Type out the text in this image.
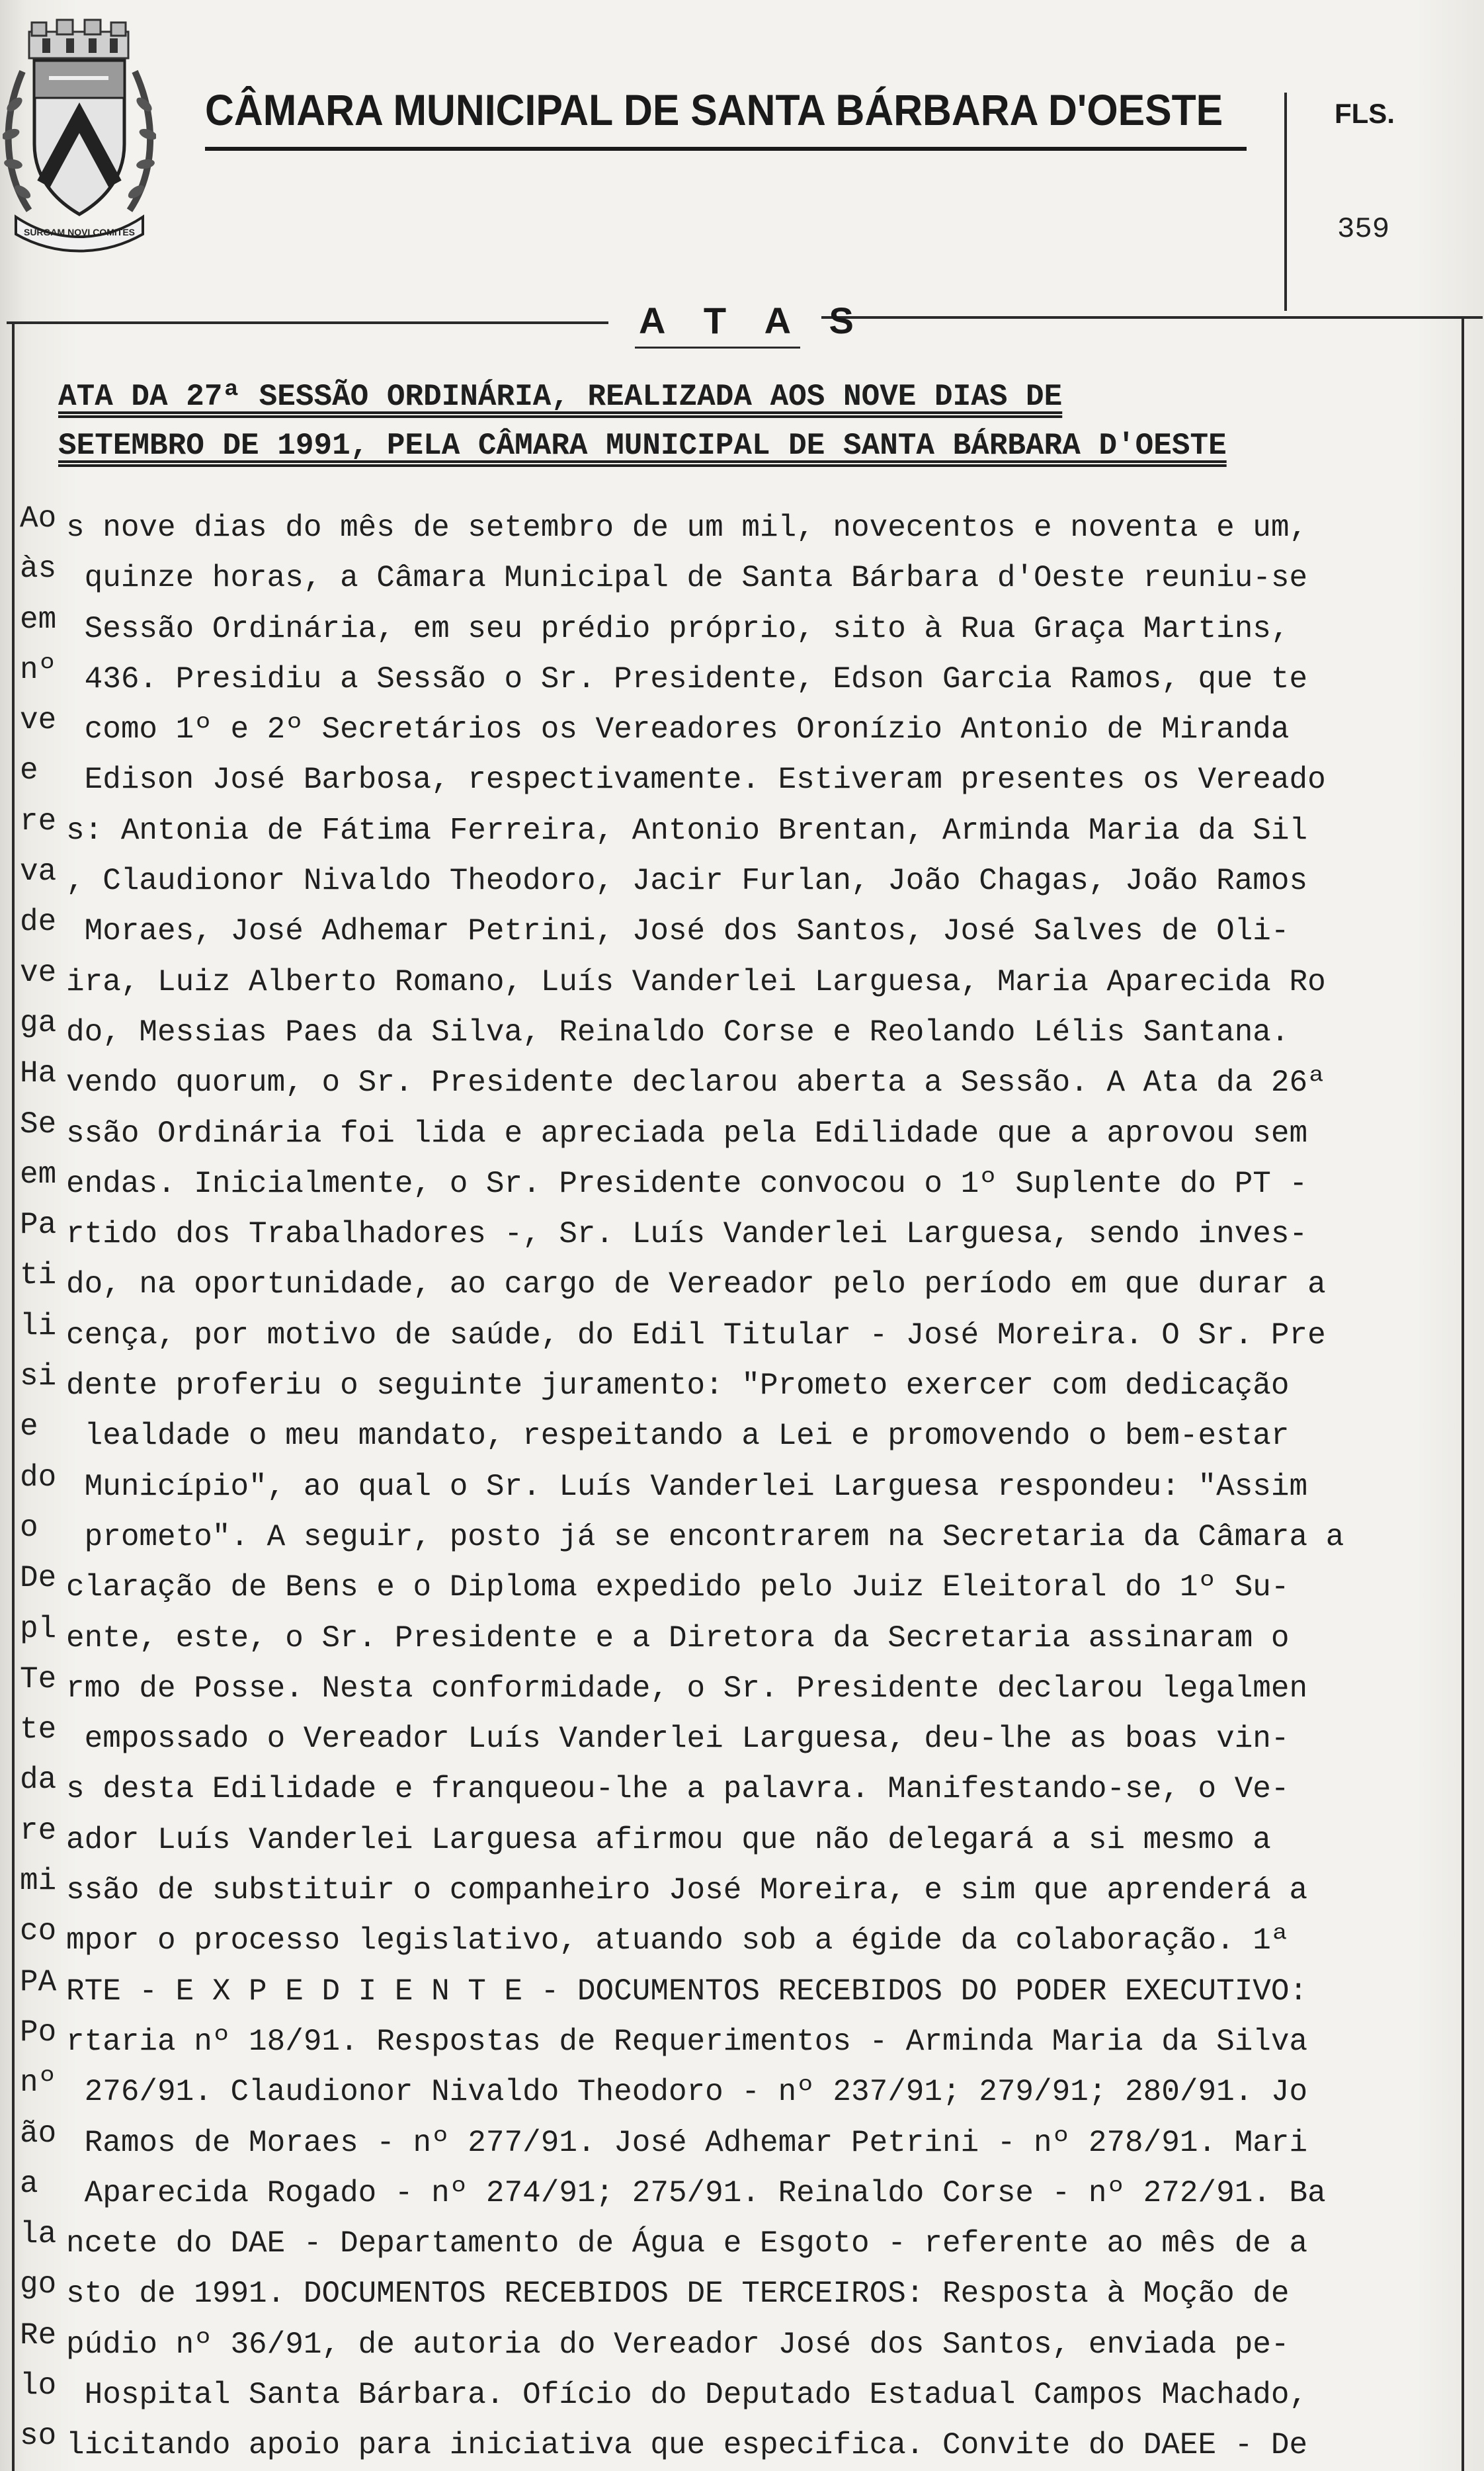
SURGAM NOVI COMITES
CÂMARA MUNICIPAL DE SANTA BÁRBARA D'OESTE	FLS.
359
A T A S
ATA DA 27ª SESSÃO ORDINÁRIA, REALIZADA AOS NOVE DIAS DE
SETEMBRO DE 1991, PELA CÂMARA MUNICIPAL DE SANTA BÁRBARA D'OESTE
Ao s nove dias do mês de setembro de um mil, novecentos e noventa e um,
às quinze horas, a Câmara Municipal de Santa Bárbara d'Oeste reuniu-se
em Sessão Ordinária, em seu prédio próprio, sito à Rua Graça Martins,
nº 436. Presidiu a Sessão o Sr. Presidente, Edson Garcia Ramos, que te
ve como 1º e 2º Secretários os Vereadores Oronízio Antonio de Miranda
e Edison José Barbosa, respectivamente. Estiveram presentes os Vereado
re s: Antonia de Fátima Ferreira, Antonio Brentan, Arminda Maria da Sil
va , Claudionor Nivaldo Theodoro, Jacir Furlan, João Chagas, João Ramos
de Moraes, José Adhemar Petrini, José dos Santos, José Salves de Oli-
ve ira, Luiz Alberto Romano, Luís Vanderlei Larguesa, Maria Aparecida Ro
ga do, Messias Paes da Silva, Reinaldo Corse e Reolando Lélis Santana.
Ha vendo quorum, o Sr. Presidente declarou aberta a Sessão. A Ata da 26ª
Se ssão Ordinária foi lida e apreciada pela Edilidade que a aprovou sem
em endas. Inicialmente, o Sr. Presidente convocou o 1º Suplente do PT -
Pa rtido dos Trabalhadores -, Sr. Luís Vanderlei Larguesa, sendo inves-
ti do, na oportunidade, ao cargo de Vereador pelo período em que durar a
li cença, por motivo de saúde, do Edil Titular - José Moreira. O Sr. Pre
si dente proferiu o seguinte juramento: "Prometo exercer com dedicação
e lealdade o meu mandato, respeitando a Lei e promovendo o bem-estar
do Município", ao qual o Sr. Luís Vanderlei Larguesa respondeu: "Assim
o prometo". A seguir, posto já se encontrarem na Secretaria da Câmara a
De claração de Bens e o Diploma expedido pelo Juiz Eleitoral do 1º Su-
pl ente, este, o Sr. Presidente e a Diretora da Secretaria assinaram o
Te rmo de Posse. Nesta conformidade, o Sr. Presidente declarou legalmen
te empossado o Vereador Luís Vanderlei Larguesa, deu-lhe as boas vin-
da s desta Edilidade e franqueou-lhe a palavra. Manifestando-se, o Ve-
re ador Luís Vanderlei Larguesa afirmou que não delegará a si mesmo a
mi ssão de substituir o companheiro José Moreira, e sim que aprenderá a
co mpor o processo legislativo, atuando sob a égide da colaboração. 1ª
PA RTE - E X P E D I E N T E - DOCUMENTOS RECEBIDOS DO PODER EXECUTIVO:
Po rtaria nº 18/91. Respostas de Requerimentos - Arminda Maria da Silva
nº 276/91. Claudionor Nivaldo Theodoro - nº 237/91; 279/91; 280/91. Jo
ão Ramos de Moraes - nº 277/91. José Adhemar Petrini - nº 278/91. Mari
a Aparecida Rogado - nº 274/91; 275/91. Reinaldo Corse - nº 272/91. Ba
la ncete do DAE - Departamento de Água e Esgoto - referente ao mês de a
go sto de 1991. DOCUMENTOS RECEBIDOS DE TERCEIROS: Resposta à Moção de
Re púdio nº 36/91, de autoria do Vereador José dos Santos, enviada pe-
lo Hospital Santa Bárbara. Ofício do Deputado Estadual Campos Machado,
so licitando apoio para iniciativa que especifica. Convite do DAEE - De
